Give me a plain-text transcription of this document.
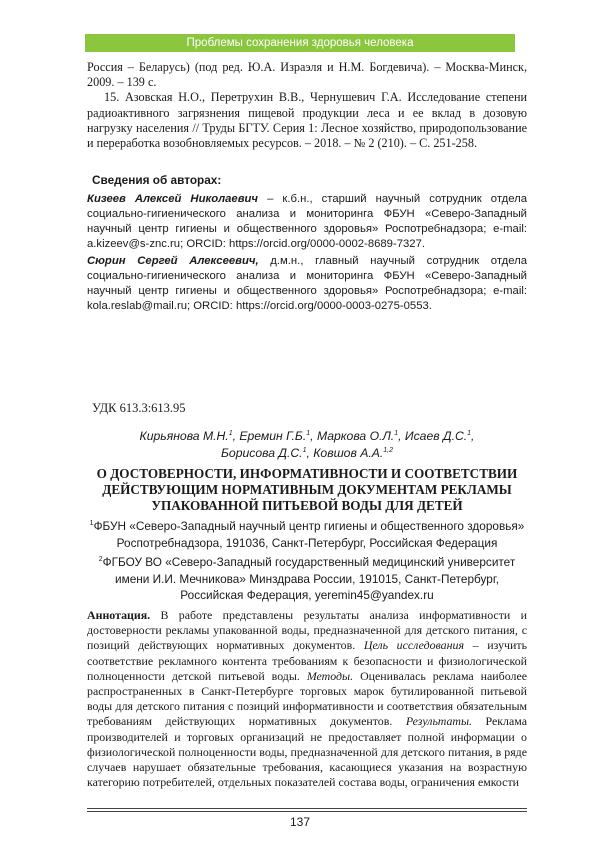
Проблемы сохранения здоровья человека

Россия – Беларусь) (под ред. Ю.А. Израэля и Н.М. Богдевича). – Москва-Минск, 2009. – 139 с.

15. Азовская Н.О., Перетрухин В.В., Чернушевич Г.А. Исследование степени радиоактивного загрязнения пищевой продукции леса и ее вклад в дозовую нагрузку населения // Труды БГТУ. Серия 1: Лесное хозяйство, природопользование и переработка возобновляемых ресурсов. – 2018. – № 2 (210). – С. 251-258.

Сведения об авторах:
Кизеев Алексей Николаевич – к.б.н., старший научный сотрудник отдела социально-гигиенического анализа и мониторинга ФБУН «Северо-Западный научный центр гигиены и общественного здоровья» Роспотребнадзора; e-mail: a.kizeev@s-znc.ru; ORCID: https://orcid.org/0000-0002-8689-7327.
Сюрин Сергей Алексеевич, д.м.н., главный научный сотрудник отдела социально-гигиенического анализа и мониторинга ФБУН «Северо-Западный научный центр гигиены и общественного здоровья» Роспотребнадзора; e-mail: kola.reslab@mail.ru; ORCID: https://orcid.org/0000-0003-0275-0553.
УДК 613.3:613.95
Кирьянова М.Н.$^1$, Еремин Г.Б.$^1$, Маркова О.Л.$^1$, Исаев Д.С.$^1$,
Борисова Д.С.$^1$, Ковшов А.А.$^{1,2}$
О ДОСТОВЕРНОСТИ, ИНФОРМАТИВНОСТИ И СООТВЕТСТВИИ
ДЕЙСТВУЮЩИМ НОРМАТИВНЫМ ДОКУМЕНТАМ РЕКЛАМЫ
УПАКОВАННОЙ ПИТЬЕВОЙ ВОДЫ ДЛЯ ДЕТЕЙ
$^1$ФБУН «Северо-Западный научный центр гигиены и общественного здоровья» Роспотребнадзора, 191036, Санкт-Петербург, Российская Федерация
$^2$ФГБОУ ВО «Северо-Западный государственный медицинский университет имени И.И. Мечникова» Минздрава России, 191015, Санкт-Петербург, Российская Федерация, yeremin45@yandex.ru

Аннотация. В работе представлены результаты анализа информативности и достоверности рекламы упакованной воды, предназначенной для детского питания, с позиций действующих нормативных документов. Цель исследования – изучить соответствие рекламного контента требованиям к безопасности и физиологической полноценности детской питьевой воды. Методы. Оценивалась реклама наиболее распространенных в Санкт-Петербурге торговых марок бутилированной питьевой воды для детского питания с позиций информативности и соответствия обязательным требованиям действующих нормативных документов. Результаты. Реклама производителей и торговых организаций не предоставляет полной информации о физиологической полноценности воды, предназначенной для детского питания, в ряде случаев нарушает обязательные требования, касающиеся указания на возрастную категорию потребителей, отдельных показателей состава воды, ограничения емкости

137
